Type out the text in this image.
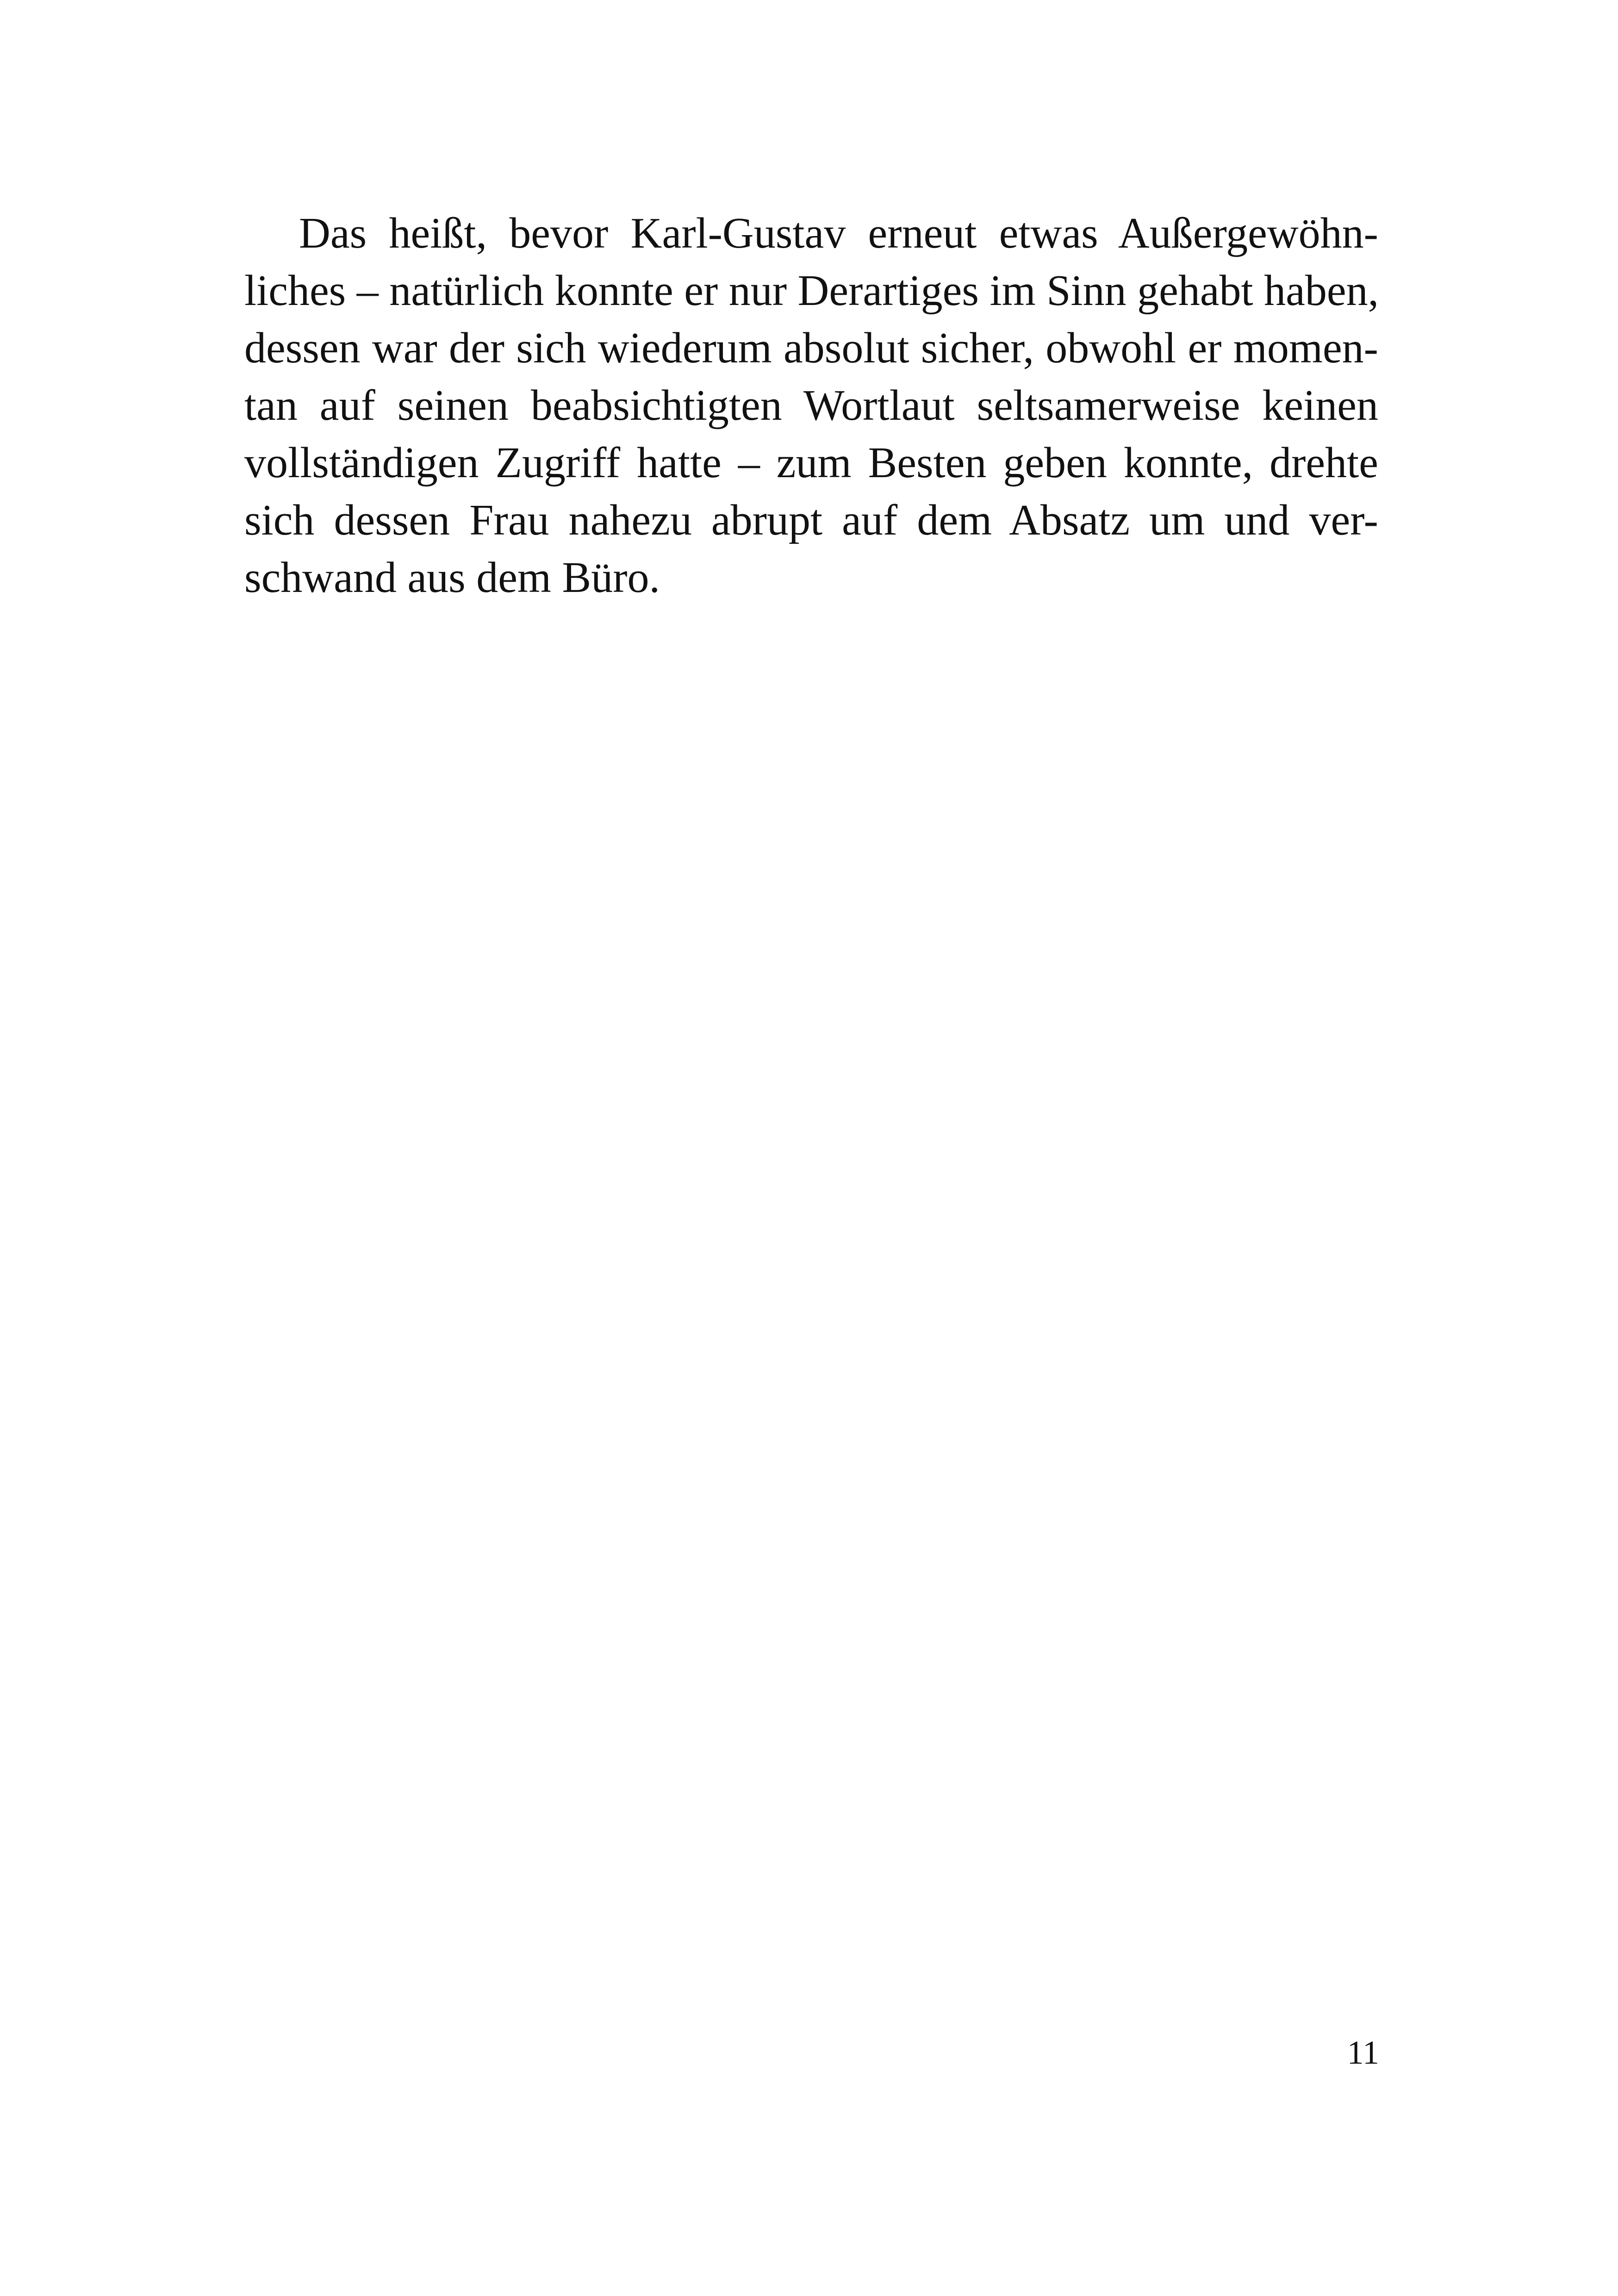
Das heißt, bevor Karl-Gustav erneut etwas Außergewöhn-
liches – natürlich konnte er nur Derartiges im Sinn gehabt haben,
dessen war der sich wiederum absolut sicher, obwohl er momen-
tan auf seinen beabsichtigten Wortlaut seltsamerweise keinen
vollständigen Zugriff hatte – zum Besten geben konnte, drehte
sich dessen Frau nahezu abrupt auf dem Absatz um und ver-
schwand aus dem Büro.

11
